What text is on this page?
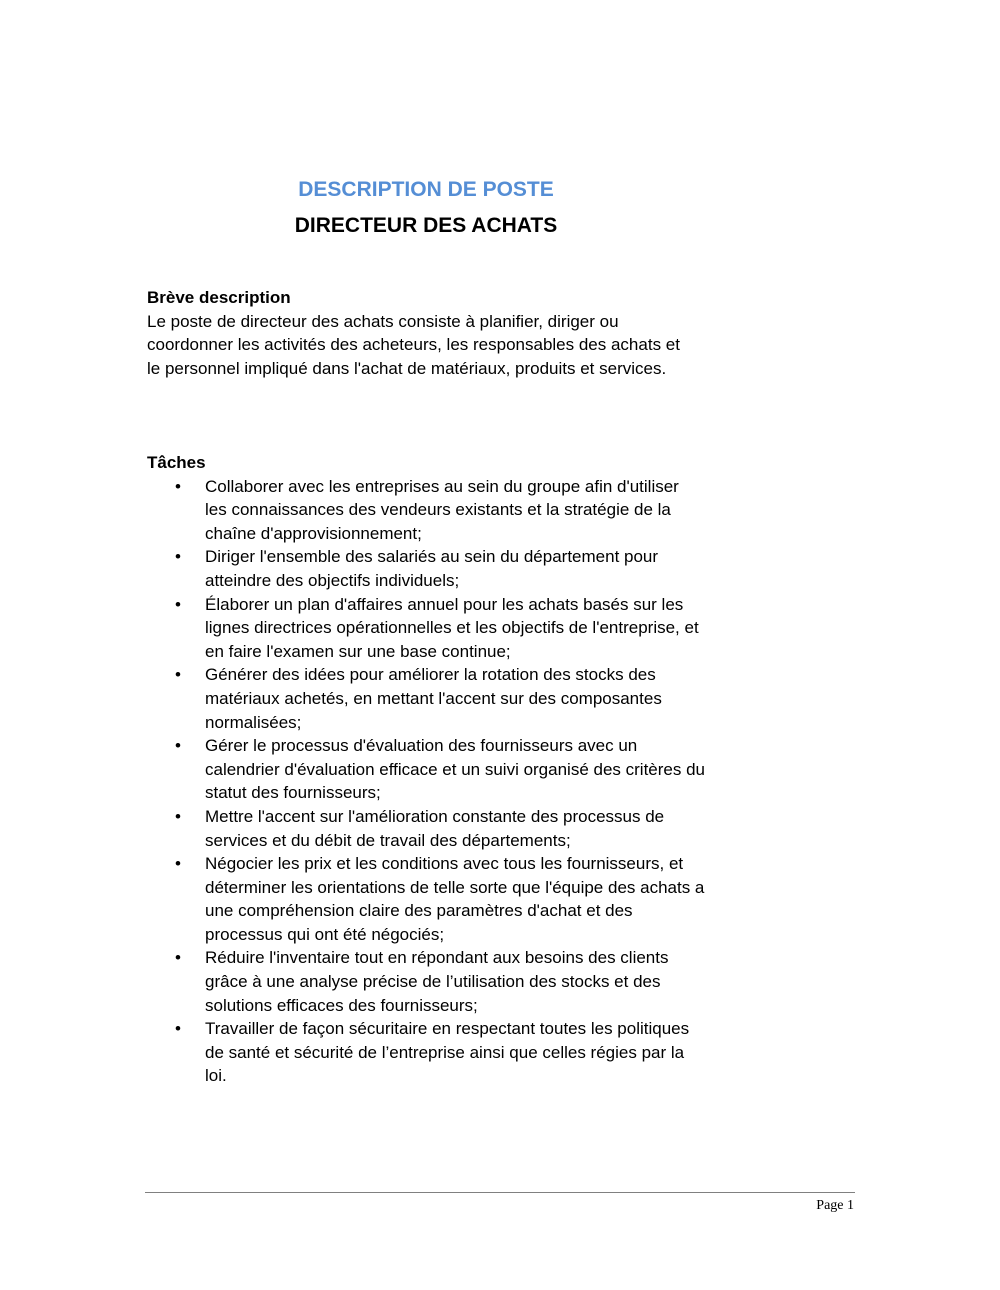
DESCRIPTION DE POSTE
DIRECTEUR DES ACHATS
Brève description
Le poste de directeur des achats consiste à planifier, diriger ou coordonner les activités des acheteurs, les responsables des achats et le personnel impliqué dans l'achat de matériaux, produits et services.
Tâches
•	Collaborer avec les entreprises au sein du groupe afin d'utiliser les connaissances des vendeurs existants et la stratégie de la chaîne d'approvisionnement;
•	Diriger l'ensemble des salariés au sein du département pour atteindre des objectifs individuels;
•	Élaborer un plan d'affaires annuel pour les achats basés sur les lignes directrices opérationnelles et les objectifs de l'entreprise, et en faire l'examen sur une base continue;
•	Générer des idées pour améliorer la rotation des stocks des matériaux achetés, en mettant l'accent sur des composantes normalisées;
•	Gérer le processus d'évaluation des fournisseurs avec un calendrier d'évaluation efficace et un suivi organisé des critères du statut des fournisseurs;
•	Mettre l'accent sur l'amélioration constante des processus de services et du débit de travail des départements;
•	Négocier les prix et les conditions avec tous les fournisseurs, et déterminer les orientations de telle sorte que l'équipe des achats a une compréhension claire des paramètres d'achat et des processus qui ont été négociés;
•	Réduire l'inventaire tout en répondant aux besoins des clients grâce à une analyse précise de l’utilisation des stocks et des solutions efficaces des fournisseurs;
•	Travailler de façon sécuritaire en respectant toutes les politiques de santé et sécurité de l’entreprise ainsi que celles régies par la loi.
Page 1
